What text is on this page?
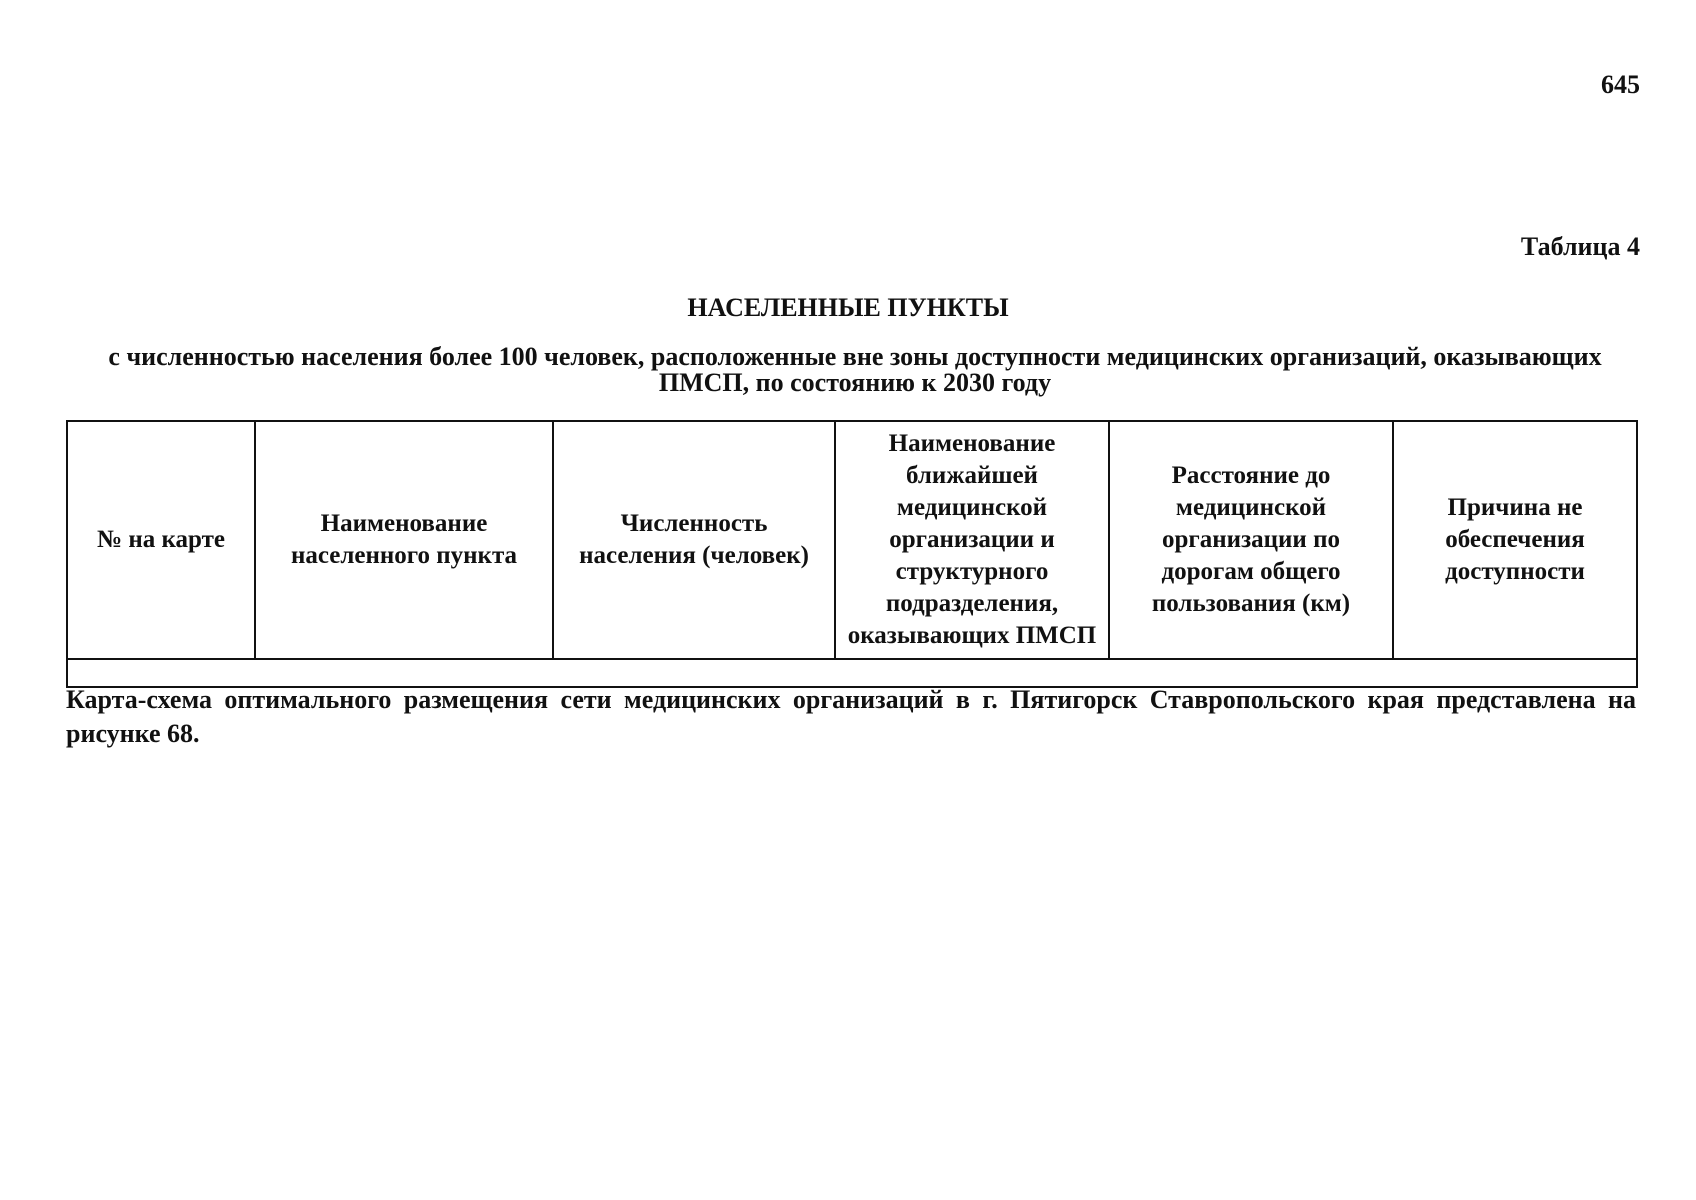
645
Таблица 4
НАСЕЛЕННЫЕ ПУНКТЫ
с численностью населения более 100 человек, расположенные вне зоны доступности медицинских организаций, оказывающих ПМСП, по состоянию к 2030 году
№ на карте	Наименование населенного пункта	Численность населения (человек)	Наименование ближайшей медицинской организации и структурного подразделения, оказывающих ПМСП	Расстояние до медицинской организации по дорогам общего пользования (км)	Причина не обеспечения доступности

Карта-схема оптимального размещения сети медицинских организаций в г. Пятигорск Ставропольского края представлена на рисунке 68.
